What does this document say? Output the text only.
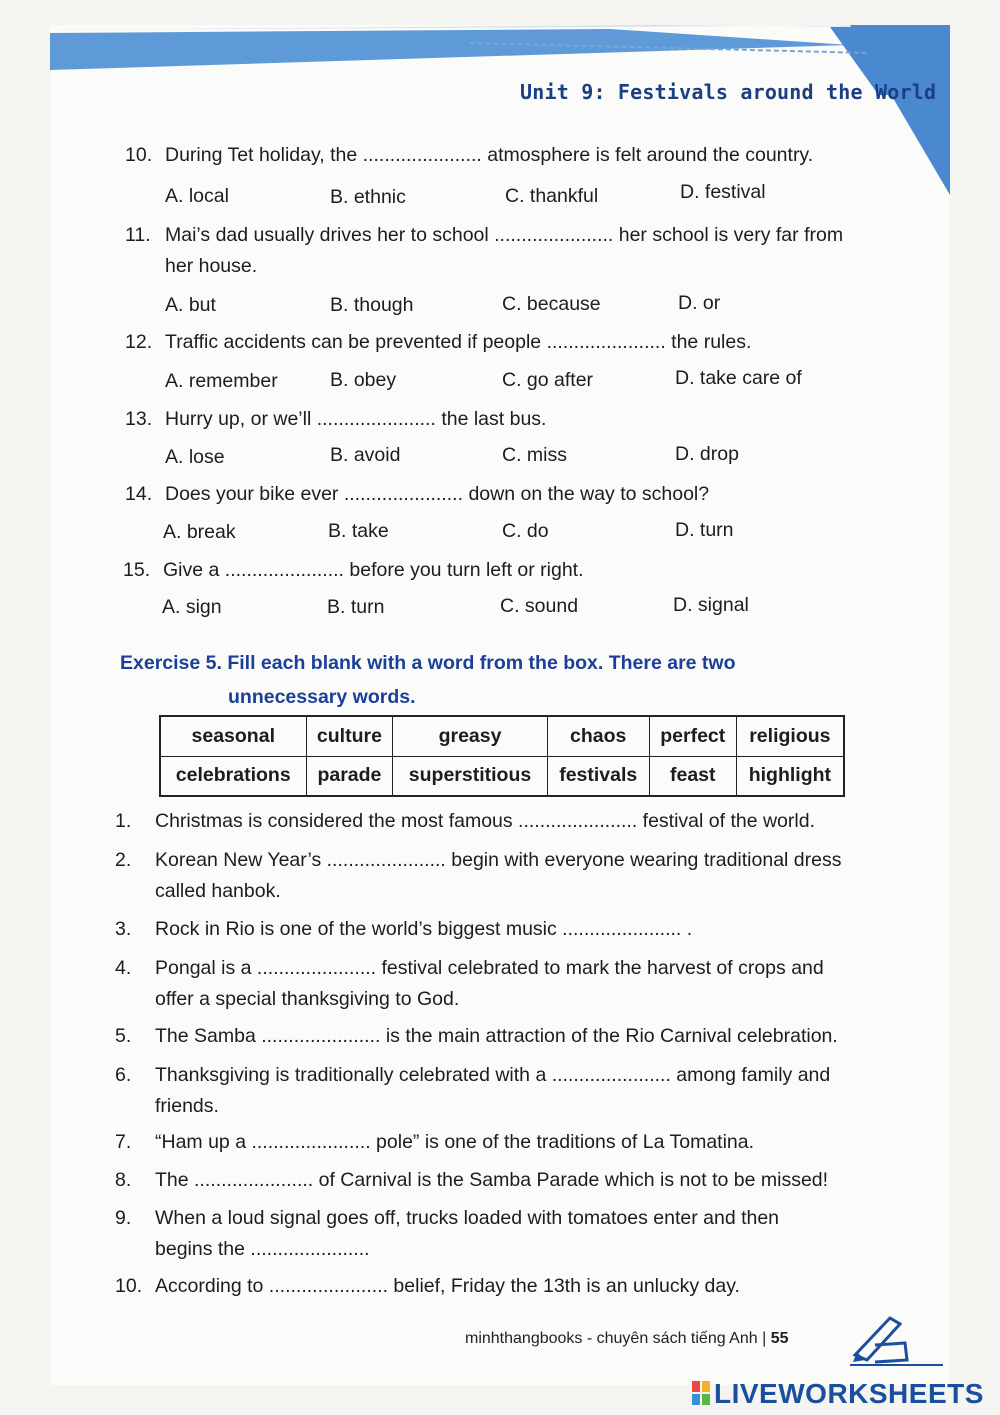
Unit 9: Festivals around the World
10. During Tet holiday, the ...................... atmosphere is felt around the country.
A. local	B. ethnic	C. thankful	D. festival
11. Mai’s dad usually drives her to school ...................... her school is very far from
her house.
A. but	B. though	C. because	D. or
12. Traffic accidents can be prevented if people ...................... the rules.
A. remember	B. obey	C. go after	D. take care of
13. Hurry up, or we’ll ...................... the last bus.
A. lose	B. avoid	C. miss	D. drop
14. Does your bike ever ...................... down on the way to school?
A. break	B. take	C. do	D. turn
15. Give a ...................... before you turn left or right.
A. sign	B. turn	C. sound	D. signal
Exercise 5. Fill each blank with a word from the box. There are two
unnecessary words.
seasonal	culture	greasy	chaos	perfect	religious
celebrations	parade	superstitious	festivals	feast	highlight
1. Christmas is considered the most famous ...................... festival of the world.
2. Korean New Year’s ...................... begin with everyone wearing traditional dress
called hanbok.
3. Rock in Rio is one of the world’s biggest music ...................... .
4. Pongal is a ...................... festival celebrated to mark the harvest of crops and
offer a special thanksgiving to God.
5. The Samba ...................... is the main attraction of the Rio Carnival celebration.
6. Thanksgiving is traditionally celebrated with a ...................... among family and
friends.
7. “Ham up a ...................... pole” is one of the traditions of La Tomatina.
8. The ...................... of Carnival is the Samba Parade which is not to be missed!
9. When a loud signal goes off, trucks loaded with tomatoes enter and then
begins the ......................
10. According to ...................... belief, Friday the 13th is an unlucky day.
minhthangbooks - chuyên sách tiếng Anh | 55
LIVEWORKSHEETS
